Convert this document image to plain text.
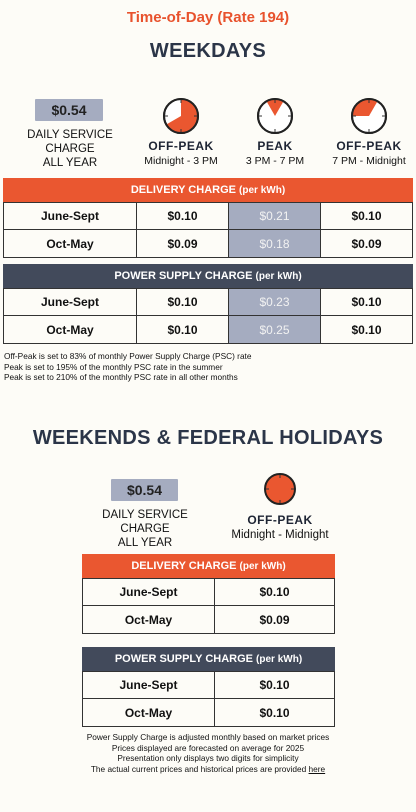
Time-of-Day (Rate 194)
WEEKDAYS
$0.54
DAILY SERVICE
CHARGE
ALL YEAR
OFF-PEAK
Midnight - 3 PM
PEAK
3 PM - 7 PM
OFF-PEAK
7 PM - Midnight
DELIVERY CHARGE (per kWh)
June-Sept	$0.10	$0.21	$0.10
Oct-May	$0.09	$0.18	$0.09
POWER SUPPLY CHARGE (per kWh)
June-Sept	$0.10	$0.23	$0.10
Oct-May	$0.10	$0.25	$0.10
Off-Peak is set to 83% of monthly Power Supply Charge (PSC) rate
Peak is set to 195% of the monthly PSC rate in the summer
Peak is set to 210% of the monthly PSC rate in all other months
WEEKENDS & FEDERAL HOLIDAYS
$0.54
DAILY SERVICE
CHARGE
ALL YEAR
OFF-PEAK
Midnight - Midnight
DELIVERY CHARGE (per kWh)
June-Sept	$0.10
Oct-May	$0.09
POWER SUPPLY CHARGE (per kWh)
June-Sept	$0.10
Oct-May	$0.10
Power Supply Charge is adjusted monthly based on market prices
Prices displayed are forecasted on average for 2025
Presentation only displays two digits for simplicity
The actual current prices and historical prices are provided here
